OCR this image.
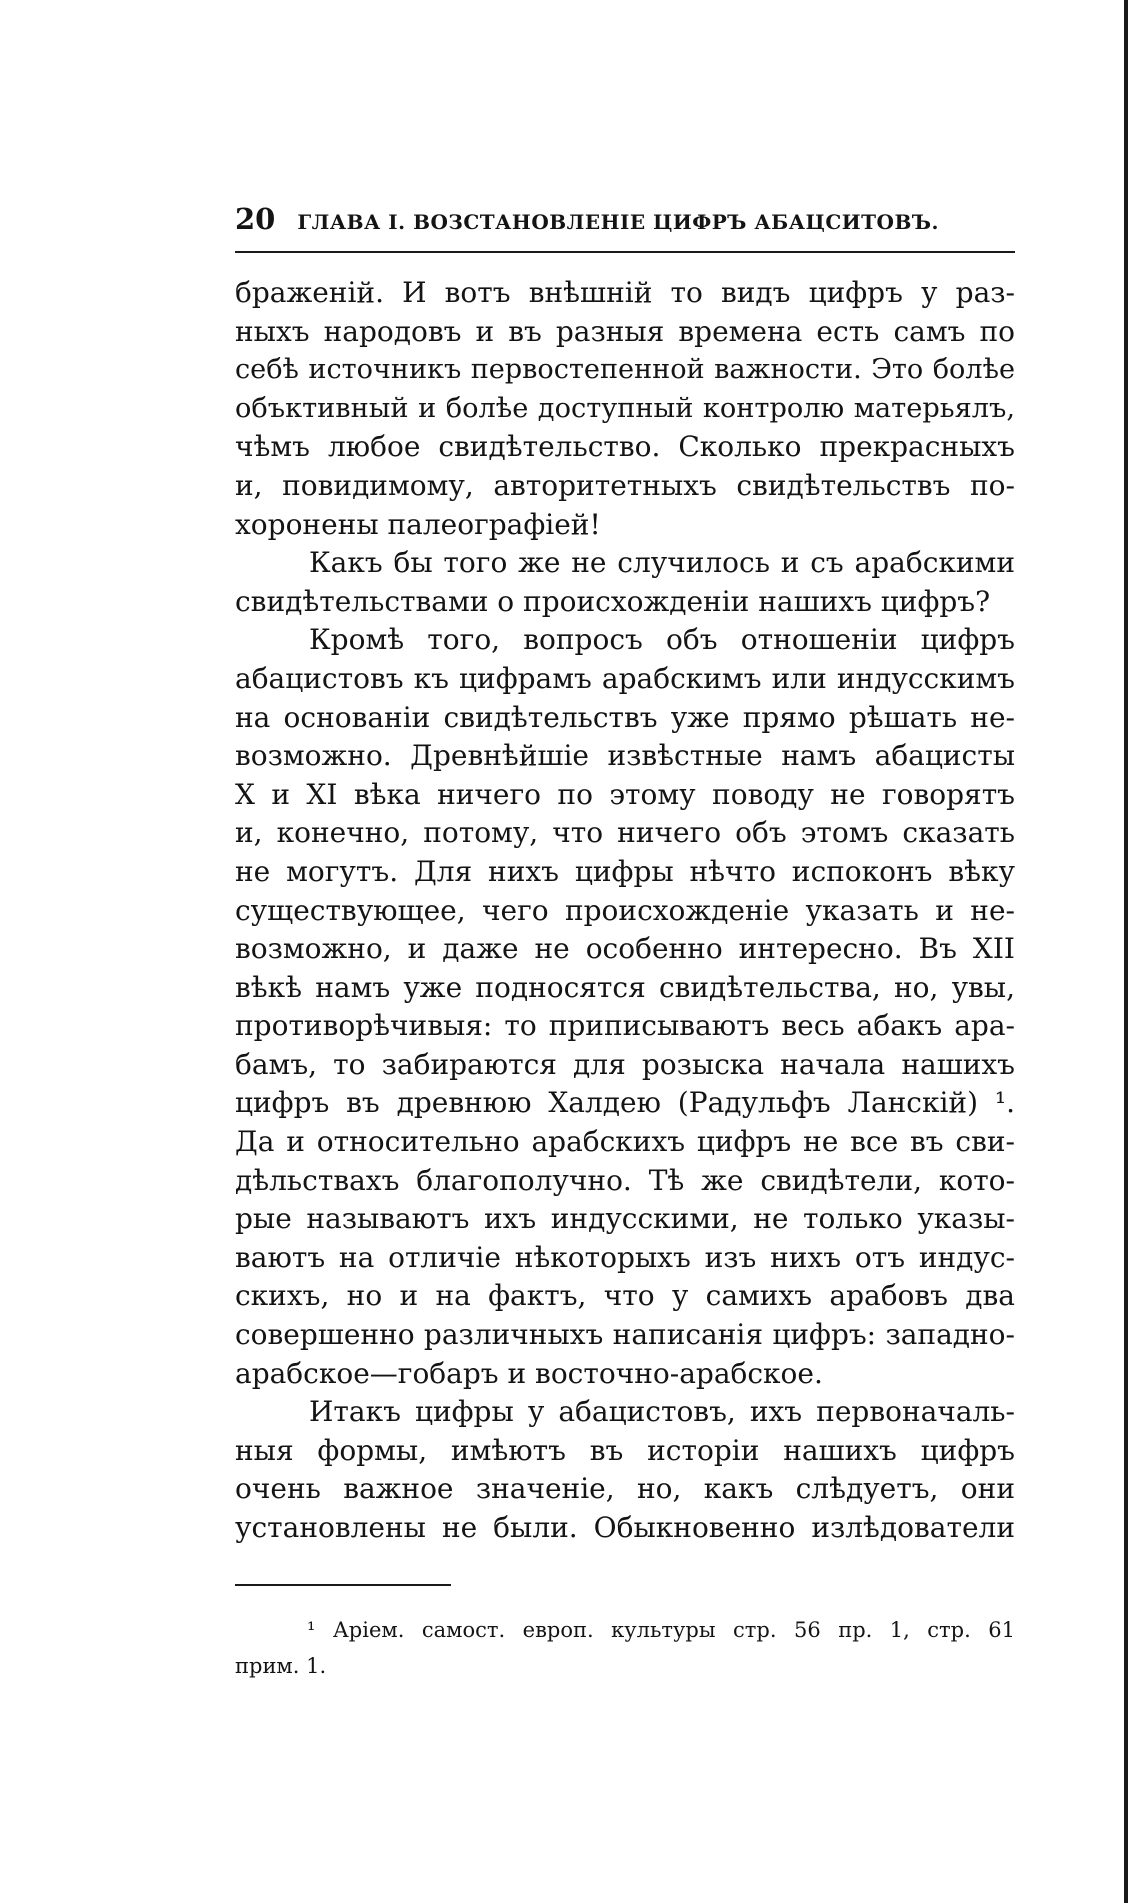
20 ГЛАВА I. ВОЗСТАНОВЛЕНІЕ ЦИФРЪ АБАЦСИТОВЪ.
браженій. И вотъ внѣшній то видъ цифръ у раз-
ныхъ народовъ и въ разныя времена есть самъ по
себѣ источникъ первостепенной важности. Это болѣе
объктивный и болѣе доступный контролю матерьялъ,
чѣмъ любое свидѣтельство. Сколько прекрасныхъ
и, повидимому, авторитетныхъ свидѣтельствъ по-
хоронены палеографіей!
Какъ бы того же не случилось и съ арабскими
свидѣтельствами о происхожденіи нашихъ цифръ?
Кромѣ того, вопросъ объ отношеніи цифръ
абацистовъ къ цифрамъ арабскимъ или индусскимъ
на основаніи свидѣтельствъ уже прямо рѣшать не-
возможно. Древнѣйшіе извѣстные намъ абацисты
X и XI вѣка ничего по этому поводу не говорятъ
и, конечно, потому, что ничего объ этомъ сказать
не могутъ. Для нихъ цифры нѣчто испоконъ вѣку
существующее, чего происхожденіе указать и не-
возможно, и даже не особенно интересно. Въ XII
вѣкѣ намъ уже подносятся свидѣтельства, но, увы,
противорѣчивыя: то приписываютъ весь абакъ ара-
бамъ, то забираются для розыска начала нашихъ
цифръ въ древнюю Халдею (Радульфъ Ланскій) ¹.
Да и относительно арабскихъ цифръ не все въ сви-
дѣльствахъ благополучно. Тѣ же свидѣтели, кото-
рые называютъ ихъ индусскими, не только указы-
ваютъ на отличіе нѣкоторыхъ изъ нихъ отъ индус-
скихъ, но и на фактъ, что у самихъ арабовъ два
совершенно различныхъ написанія цифръ: западно-
арабское—гобаръ и восточно-арабское.
Итакъ цифры у абацистовъ, ихъ первоначаль-
ныя формы, имѣютъ въ исторіи нашихъ цифръ
очень важное значеніе, но, какъ слѣдуетъ, они
установлены не были. Обыкновенно излѣдователи
¹ Аріем. самост. европ. культуры стр. 56 пр. 1, стр. 61
прим. 1.
